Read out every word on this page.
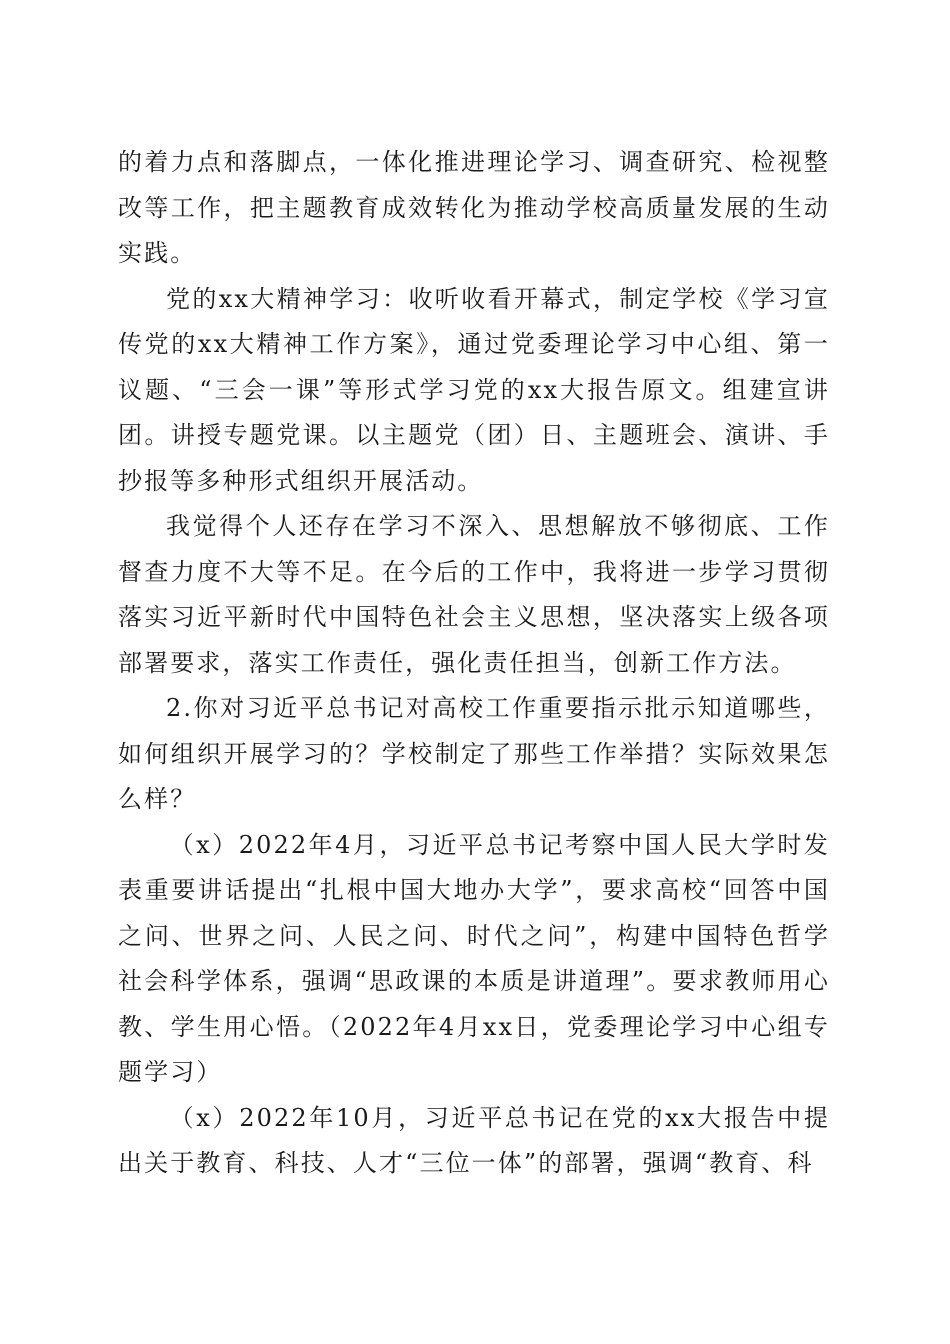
的着力点和落脚点，一体化推进理论学习、调查研究、检视整改等工作，把主题教育成效转化为推动学校高质量发展的生动实践。

党的xx大精神学习：收听收看开幕式，制定学校《学习宣传党的xx大精神工作方案》，通过党委理论学习中心组、第一议题、“三会一课”等形式学习党的xx大报告原文。组建宣讲团。讲授专题党课。以主题党（团）日、主题班会、演讲、手抄报等多种形式组织开展活动。

我觉得个人还存在学习不深入、思想解放不够彻底、工作督查力度不大等不足。在今后的工作中，我将进一步学习贯彻落实习近平新时代中国特色社会主义思想，坚决落实上级各项部署要求，落实工作责任，强化责任担当，创新工作方法。

2.你对习近平总书记对高校工作重要指示批示知道哪些，如何组织开展学习的？学校制定了那些工作举措？实际效果怎么样？

（x）2022年4月，习近平总书记考察中国人民大学时发表重要讲话提出“扎根中国大地办大学”，要求高校“回答中国之问、世界之问、人民之问、时代之问”，构建中国特色哲学社会科学体系，强调“思政课的本质是讲道理”。要求教师用心教、学生用心悟。（2022年4月xx日，党委理论学习中心组专题学习）

（x）2022年10月，习近平总书记在党的xx大报告中提出关于教育、科技、人才“三位一体”的部署，强调“教育、科
